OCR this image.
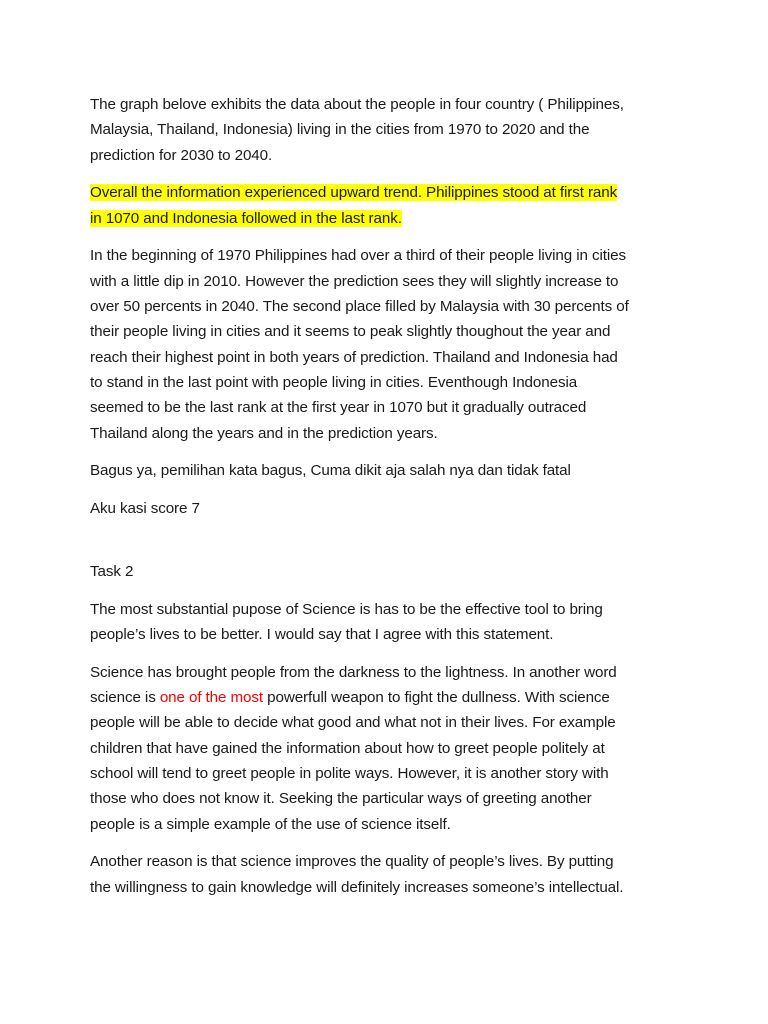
The graph belove exhibits the data about the people in four country ( Philippines,
Malaysia, Thailand, Indonesia) living in the cities from 1970 to 2020 and the
prediction for 2030 to 2040.

Overall the information experienced upward trend. Philippines stood at first rank
in 1070 and Indonesia followed in the last rank.

In the beginning of 1970 Philippines had over a third of their people living in cities
with a little dip in 2010. However the prediction sees they will slightly increase to
over 50 percents in 2040. The second place filled by Malaysia with 30 percents of
their people living in cities and it seems to peak slightly thoughout the year and
reach their highest point in both years of prediction. Thailand and Indonesia had
to stand in the last point with people living in cities. Eventhough Indonesia
seemed to be the last rank at the first year in 1070 but it gradually outraced
Thailand along the years and in the prediction years.

Bagus ya, pemilihan kata bagus, Cuma dikit aja salah nya dan tidak fatal

Aku kasi score 7

Task 2

The most substantial pupose of Science is has to be the effective tool to bring
people’s lives to be better. I would say that I agree with this statement.

Science has brought people from the darkness to the lightness. In another word
science is one of the most powerfull weapon to fight the dullness. With science
people will be able to decide what good and what not in their lives. For example
children that have gained the information about how to greet people politely at
school will tend to greet people in polite ways. However, it is another story with
those who does not know it. Seeking the particular ways of greeting another
people is a simple example of the use of science itself.

Another reason is that science improves the quality of people’s lives. By putting
the willingness to gain knowledge will definitely increases someone’s intellectual.
